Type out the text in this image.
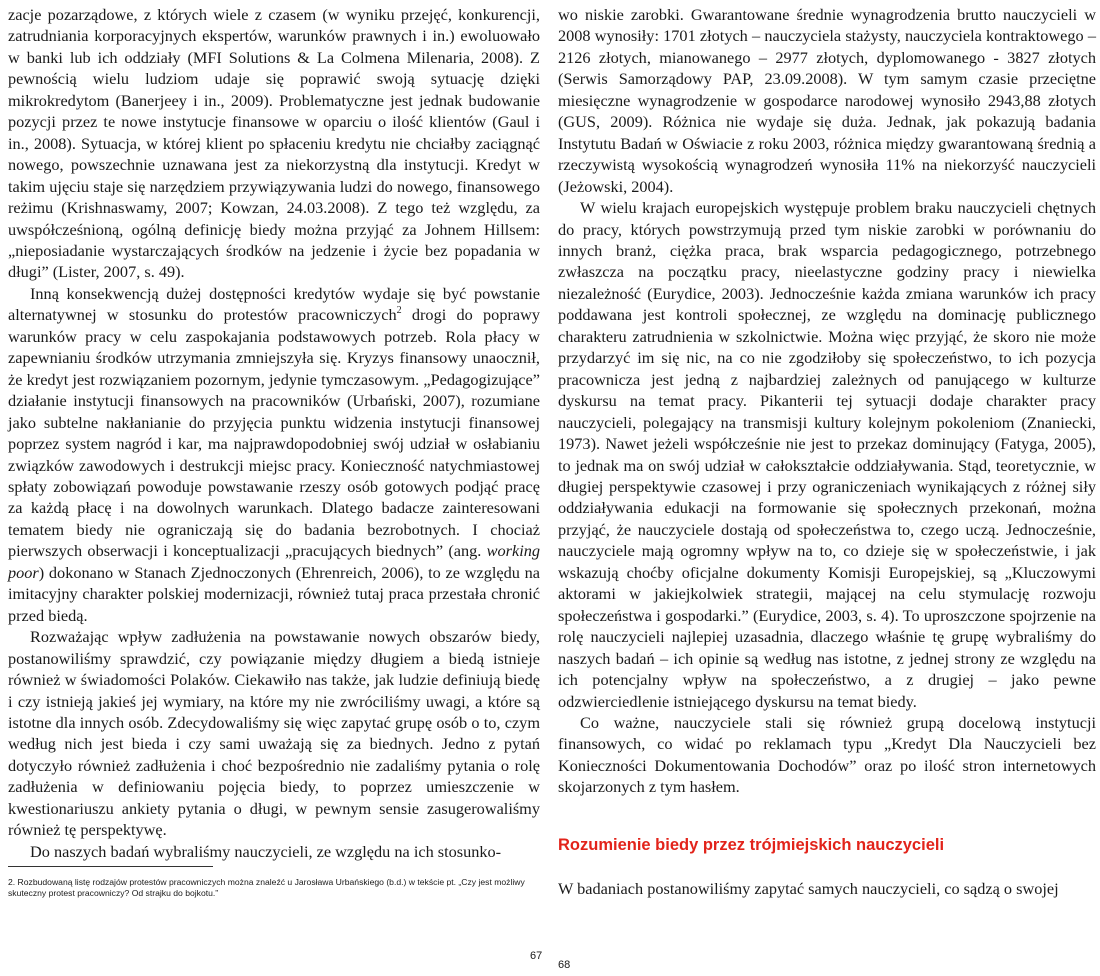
zacje pozarządowe, z których wiele z czasem (w wyniku przejęć, konkurencji, zatrudniania korporacyjnych ekspertów, warunków prawnych i in.) ewoluowało w banki lub ich oddziały (MFI Solutions & La Colmena Milenaria, 2008). Z pewnością wielu ludziom udaje się poprawić swoją sytuację dzięki mikrokredytom (Banerjeey i in., 2009). Problematyczne jest jednak budowanie pozycji przez te nowe instytucje finansowe w oparciu o ilość klientów (Gaul i in., 2008). Sytuacja, w której klient po spłaceniu kredytu nie chciałby zaciągnąć nowego, powszechnie uznawana jest za niekorzystną dla instytucji. Kredyt w takim ujęciu staje się narzędziem przywiązywania ludzi do nowego, finansowego reżimu (Krishnaswamy, 2007; Kowzan, 24.03.2008). Z tego też względu, za uwspółcześnioną, ogólną definicję biedy można przyjąć za Johnem Hillsem: „nieposiadanie wystarczających środków na jedzenie i życie bez popadania w długi” (Lister, 2007, s. 49).

Inną konsekwencją dużej dostępności kredytów wydaje się być powstanie alternatywnej w stosunku do protestów pracowniczych$^2$ drogi do poprawy warunków pracy w celu zaspokajania podstawowych potrzeb. Rola płacy w zapewnianiu środków utrzymania zmniejszyła się. Kryzys finansowy unaocznił, że kredyt jest rozwiązaniem pozornym, jedynie tymczasowym. „Pedagogizujące” działanie instytucji finansowych na pracowników (Urbański, 2007), rozumiane jako subtelne nakłanianie do przyjęcia punktu widzenia instytucji finansowej poprzez system nagród i kar, ma najprawdopodobniej swój udział w osłabianiu związków zawodowych i destrukcji miejsc pracy. Konieczność natychmiastowej spłaty zobowiązań powoduje powstawanie rzeszy osób gotowych podjąć pracę za każdą płacę i na dowolnych warunkach. Dlatego badacze zainteresowani tematem biedy nie ograniczają się do badania bezrobotnych. I chociaż pierwszych obserwacji i konceptualizacji „pracujących biednych” (ang. working poor) dokonano w Stanach Zjednoczonych (Ehrenreich, 2006), to ze względu na imitacyjny charakter polskiej modernizacji, również tutaj praca przestała chronić przed biedą.

Rozważając wpływ zadłużenia na powstawanie nowych obszarów biedy, postanowiliśmy sprawdzić, czy powiązanie między długiem a biedą istnieje również w świadomości Polaków. Ciekawiło nas także, jak ludzie definiują biedę i czy istnieją jakieś jej wymiary, na które my nie zwróciliśmy uwagi, a które są istotne dla innych osób. Zdecydowaliśmy się więc zapytać grupę osób o to, czym według nich jest bieda i czy sami uważają się za biednych. Jedno z pytań dotyczyło również zadłużenia i choć bezpośrednio nie zadaliśmy pytania o rolę zadłużenia w definiowaniu pojęcia biedy, to poprzez umieszczenie w kwestionariuszu ankiety pytania o długi, w pewnym sensie zasugerowaliśmy również tę perspektywę.

Do naszych badań wybraliśmy nauczycieli, ze względu na ich stosunko-

2. Rozbudowaną listę rodzajów protestów pracowniczych można znaleźć u Jarosława Urbańskiego (b.d.) w tekście pt. „Czy jest możliwy skuteczny protest pracowniczy? Od strajku do bojkotu.”

wo niskie zarobki. Gwarantowane średnie wynagrodzenia brutto nauczycieli w 2008 wynosiły: 1701 złotych – nauczyciela stażysty, nauczyciela kontraktowego – 2126 złotych, mianowanego – 2977 złotych, dyplomowanego - 3827 złotych (Serwis Samorządowy PAP, 23.09.2008). W tym samym czasie przeciętne miesięczne wynagrodzenie w gospodarce narodowej wynosiło 2943,88 złotych (GUS, 2009). Różnica nie wydaje się duża. Jednak, jak pokazują badania Instytutu Badań w Oświacie z roku 2003, różnica między gwarantowaną średnią a rzeczywistą wysokością wynagrodzeń wynosiła 11% na niekorzyść nauczycieli (Jeżowski, 2004).

W wielu krajach europejskich występuje problem braku nauczycieli chętnych do pracy, których powstrzymują przed tym niskie zarobki w porównaniu do innych branż, ciężka praca, brak wsparcia pedagogicznego, potrzebnego zwłaszcza na początku pracy, nieelastyczne godziny pracy i niewielka niezależność (Eurydice, 2003). Jednocześnie każda zmiana warunków ich pracy poddawana jest kontroli społecznej, ze względu na dominację publicznego charakteru zatrudnienia w szkolnictwie. Można więc przyjąć, że skoro nie może przydarzyć im się nic, na co nie zgodziłoby się społeczeństwo, to ich pozycja pracownicza jest jedną z najbardziej zależnych od panującego w kulturze dyskursu na temat pracy. Pikanterii tej sytuacji dodaje charakter pracy nauczycieli, polegający na transmisji kultury kolejnym pokoleniom (Znaniecki, 1973). Nawet jeżeli współcześnie nie jest to przekaz dominujący (Fatyga, 2005), to jednak ma on swój udział w całokształcie oddziaływania. Stąd, teoretycznie, w długiej perspektywie czasowej i przy ograniczeniach wynikających z różnej siły oddziaływania edukacji na formowanie się społecznych przekonań, można przyjąć, że nauczyciele dostają od społeczeństwa to, czego uczą. Jednocześnie, nauczyciele mają ogromny wpływ na to, co dzieje się w społeczeństwie, i jak wskazują choćby oficjalne dokumenty Komisji Europejskiej, są „Kluczowymi aktorami w jakiejkolwiek strategii, mającej na celu stymulację rozwoju społeczeństwa i gospodarki.” (Eurydice, 2003, s. 4). To uproszczone spojrzenie na rolę nauczycieli najlepiej uzasadnia, dlaczego właśnie tę grupę wybraliśmy do naszych badań – ich opinie są według nas istotne, z jednej strony ze względu na ich potencjalny wpływ na społeczeństwo, a z drugiej – jako pewne odzwierciedlenie istniejącego dyskursu na temat biedy.

Co ważne, nauczyciele stali się również grupą docelową instytucji finansowych, co widać po reklamach typu „Kredyt Dla Nauczycieli bez Konieczności Dokumentowania Dochodów” oraz po ilość stron internetowych skojarzonych z tym hasłem.

Rozumienie biedy przez trójmiejskich nauczycieli
W badaniach postanowiliśmy zapytać samych nauczycieli, co sądzą o swojej
67
68
